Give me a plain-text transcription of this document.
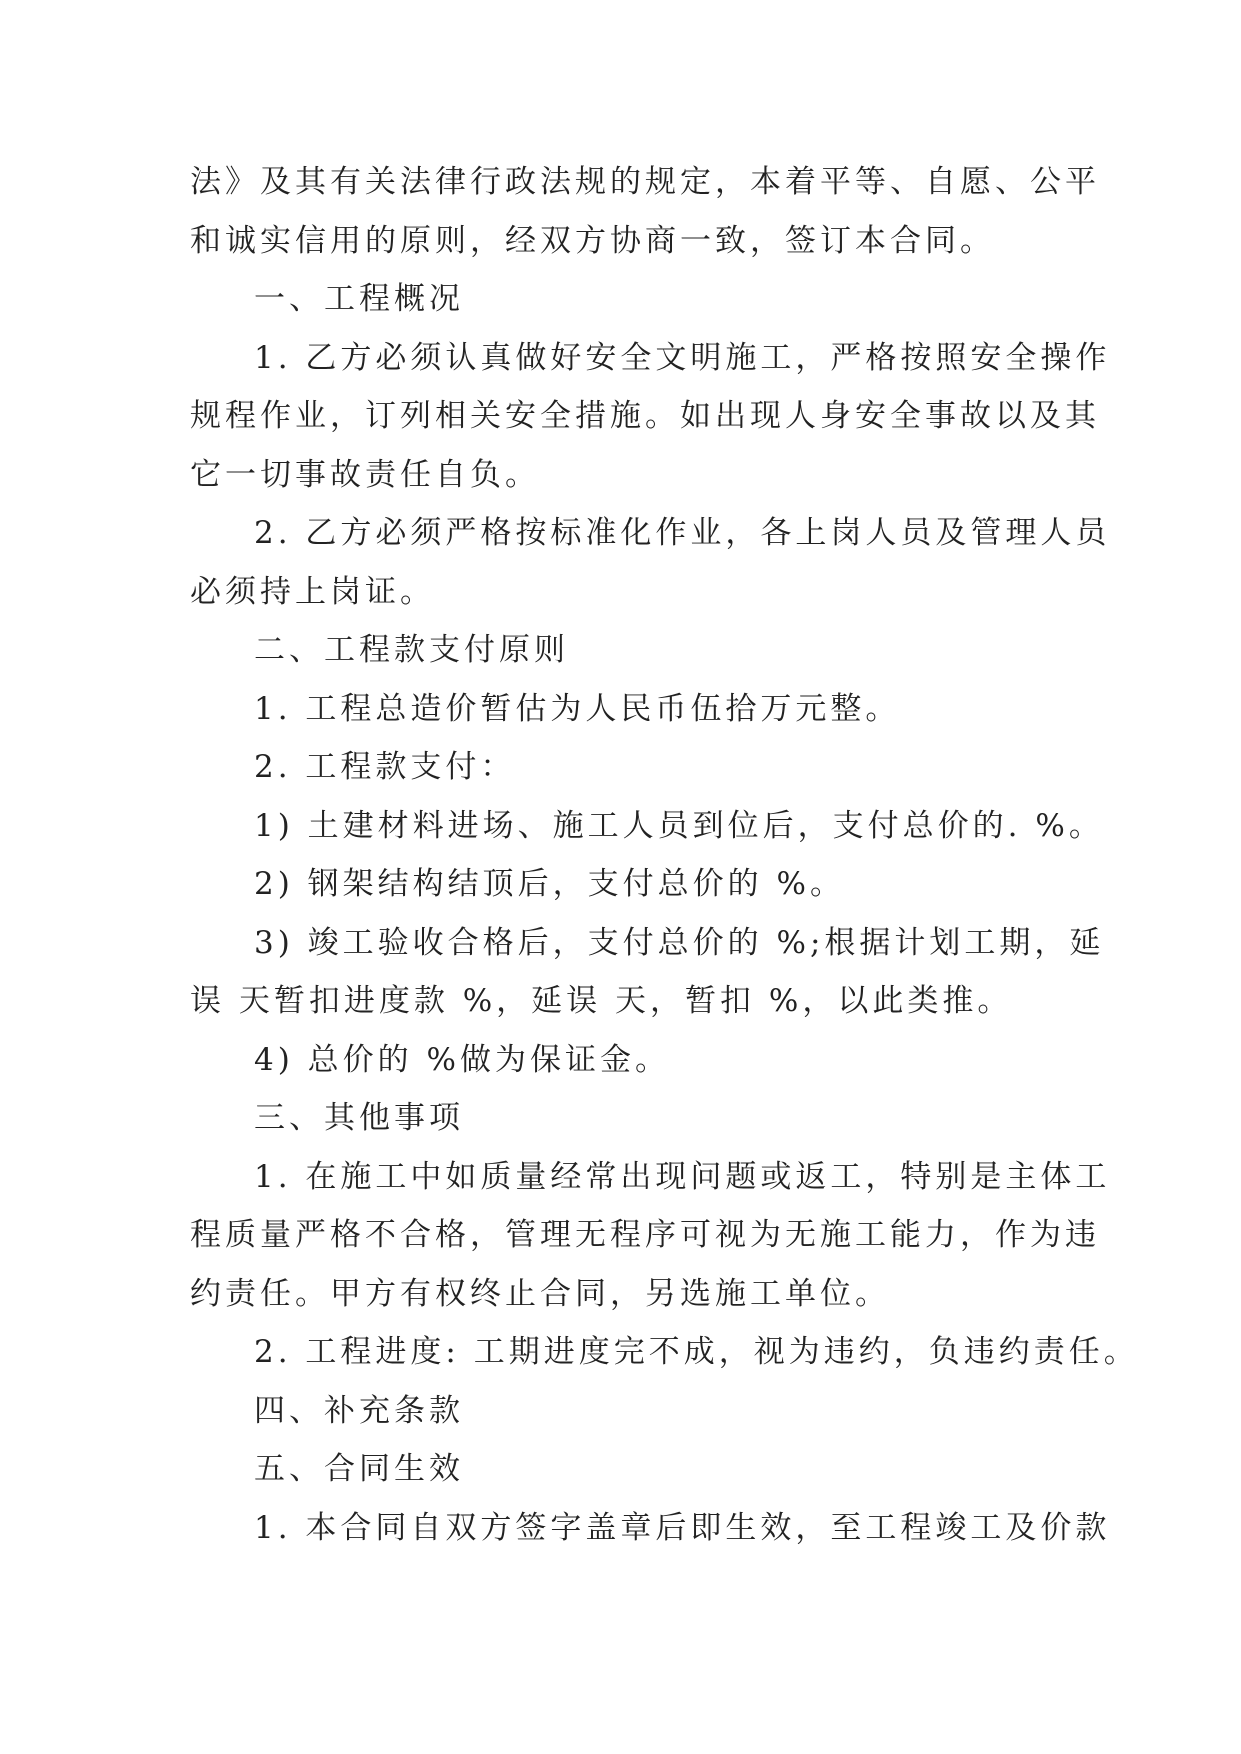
法》及其有关法律行政法规的规定，本着平等、自愿、公平
和诚实信用的原则，经双方协商一致，签订本合同。
一、工程概况
1. 乙方必须认真做好安全文明施工，严格按照安全操作
规程作业，订列相关安全措施。如出现人身安全事故以及其
它一切事故责任自负。
2. 乙方必须严格按标准化作业，各上岗人员及管理人员
必须持上岗证。
二、工程款支付原则
1. 工程总造价暂估为人民币伍拾万元整。
2. 工程款支付：
1) 土建材料进场、施工人员到位后，支付总价的. %。
2) 钢架结构结顶后，支付总价的 %。
3) 竣工验收合格后，支付总价的 %;根据计划工期，延
误 天暂扣进度款 %，延误 天，暂扣 %，以此类推。
4) 总价的 %做为保证金。
三、其他事项
1. 在施工中如质量经常出现问题或返工，特别是主体工
程质量严格不合格，管理无程序可视为无施工能力，作为违
约责任。甲方有权终止合同，另选施工单位。
2. 工程进度: 工期进度完不成，视为违约，负违约责任。
四、补充条款
五、合同生效
1. 本合同自双方签字盖章后即生效，至工程竣工及价款
